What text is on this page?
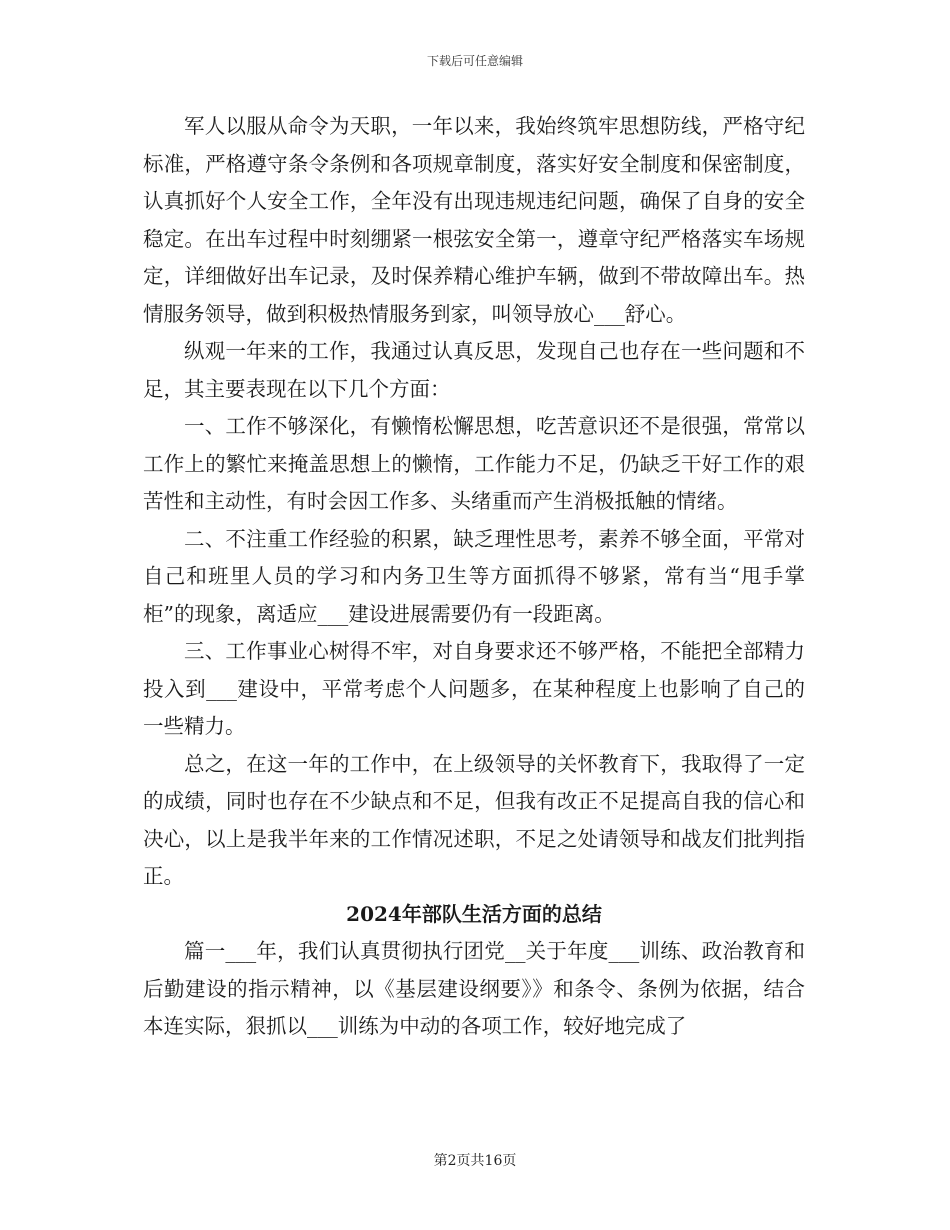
下载后可任意编辑

军人以服从命令为天职，一年以来，我始终筑牢思想防线，严格守纪标准，严格遵守条令条例和各项规章制度，落实好安全制度和保密制度，认真抓好个人安全工作，全年没有出现违规违纪问题，确保了自身的安全稳定。在出车过程中时刻绷紧一根弦安全第一，遵章守纪严格落实车场规定，详细做好出车记录，及时保养精心维护车辆，做到不带故障出车。热情服务领导，做到积极热情服务到家，叫领导放心___舒心。

纵观一年来的工作，我通过认真反思，发现自己也存在一些问题和不足，其主要表现在以下几个方面：

一、工作不够深化，有懒惰松懈思想，吃苦意识还不是很强，常常以工作上的繁忙来掩盖思想上的懒惰，工作能力不足，仍缺乏干好工作的艰苦性和主动性，有时会因工作多、头绪重而产生消极抵触的情绪。

二、不注重工作经验的积累，缺乏理性思考，素养不够全面，平常对自己和班里人员的学习和内务卫生等方面抓得不够紧，常有当“甩手掌柜”的现象，离适应___建设进展需要仍有一段距离。

三、工作事业心树得不牢，对自身要求还不够严格，不能把全部精力投入到___建设中，平常考虑个人问题多，在某种程度上也影响了自己的一些精力。

总之，在这一年的工作中，在上级领导的关怀教育下，我取得了一定的成绩，同时也存在不少缺点和不足，但我有改正不足提高自我的信心和决心，以上是我半年来的工作情况述职，不足之处请领导和战友们批判指正。

2024年部队生活方面的总结

篇一___年，我们认真贯彻执行团党__关于年度___训练、政治教育和后勤建设的指示精神，以《基层建设纲要》》和条令、条例为依据，结合本连实际，狠抓以___训练为中动的各项工作，较好地完成了

第2页共16页
